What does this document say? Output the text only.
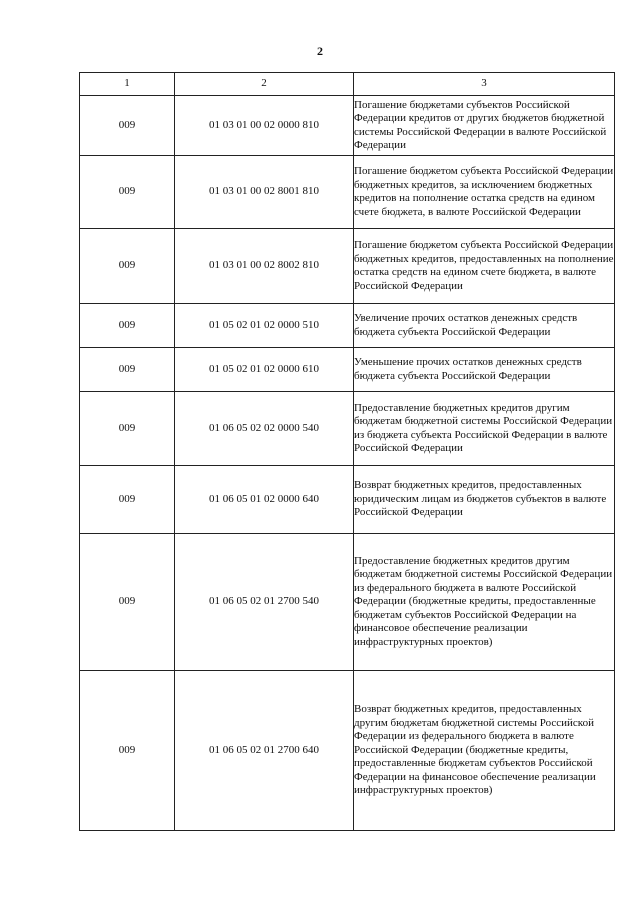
2
1	2	3
009	01 03 01 00 02 0000 810	Погашение бюджетами субъектов Российской Федерации кредитов от других бюджетов бюджетной системы Российской Федерации в валюте Российской Федерации
009	01 03 01 00 02 8001 810	Погашение бюджетом субъекта Российской Федерации бюджетных кредитов, за исключением бюджетных кредитов на пополнение остатка средств на едином счете бюджета, в валюте Российской Федерации
009	01 03 01 00 02 8002 810	Погашение бюджетом субъекта Российской Федерации бюджетных кредитов, предоставленных на пополнение остатка средств на едином счете бюджета, в валюте Российской Федерации
009	01 05 02 01 02 0000 510	Увеличение прочих остатков денежных средств бюджета субъекта Российской Федерации
009	01 05 02 01 02 0000 610	Уменьшение прочих остатков денежных средств бюджета субъекта Российской Федерации
009	01 06 05 02 02 0000 540	Предоставление бюджетных кредитов другим бюджетам бюджетной системы Российской Федерации из бюджета субъекта Российской Федерации в валюте Российской Федерации
009	01 06 05 01 02 0000 640	Возврат бюджетных кредитов, предоставленных юридическим лицам из бюджетов субъектов в валюте Российской Федерации
009	01 06 05 02 01 2700 540	Предоставление бюджетных кредитов другим бюджетам бюджетной системы Российской Федерации из федерального бюджета в валюте Российской Федерации (бюджетные кредиты, предоставленные бюджетам субъектов Российской Федерации на финансовое обеспечение реализации инфраструктурных проектов)
009	01 06 05 02 01 2700 640	Возврат бюджетных кредитов, предоставленных другим бюджетам бюджетной системы Российской Федерации из федерального бюджета в валюте Российской Федерации (бюджетные кредиты, предоставленные бюджетам субъектов Российской Федерации на финансовое обеспечение реализации инфраструктурных проектов)
